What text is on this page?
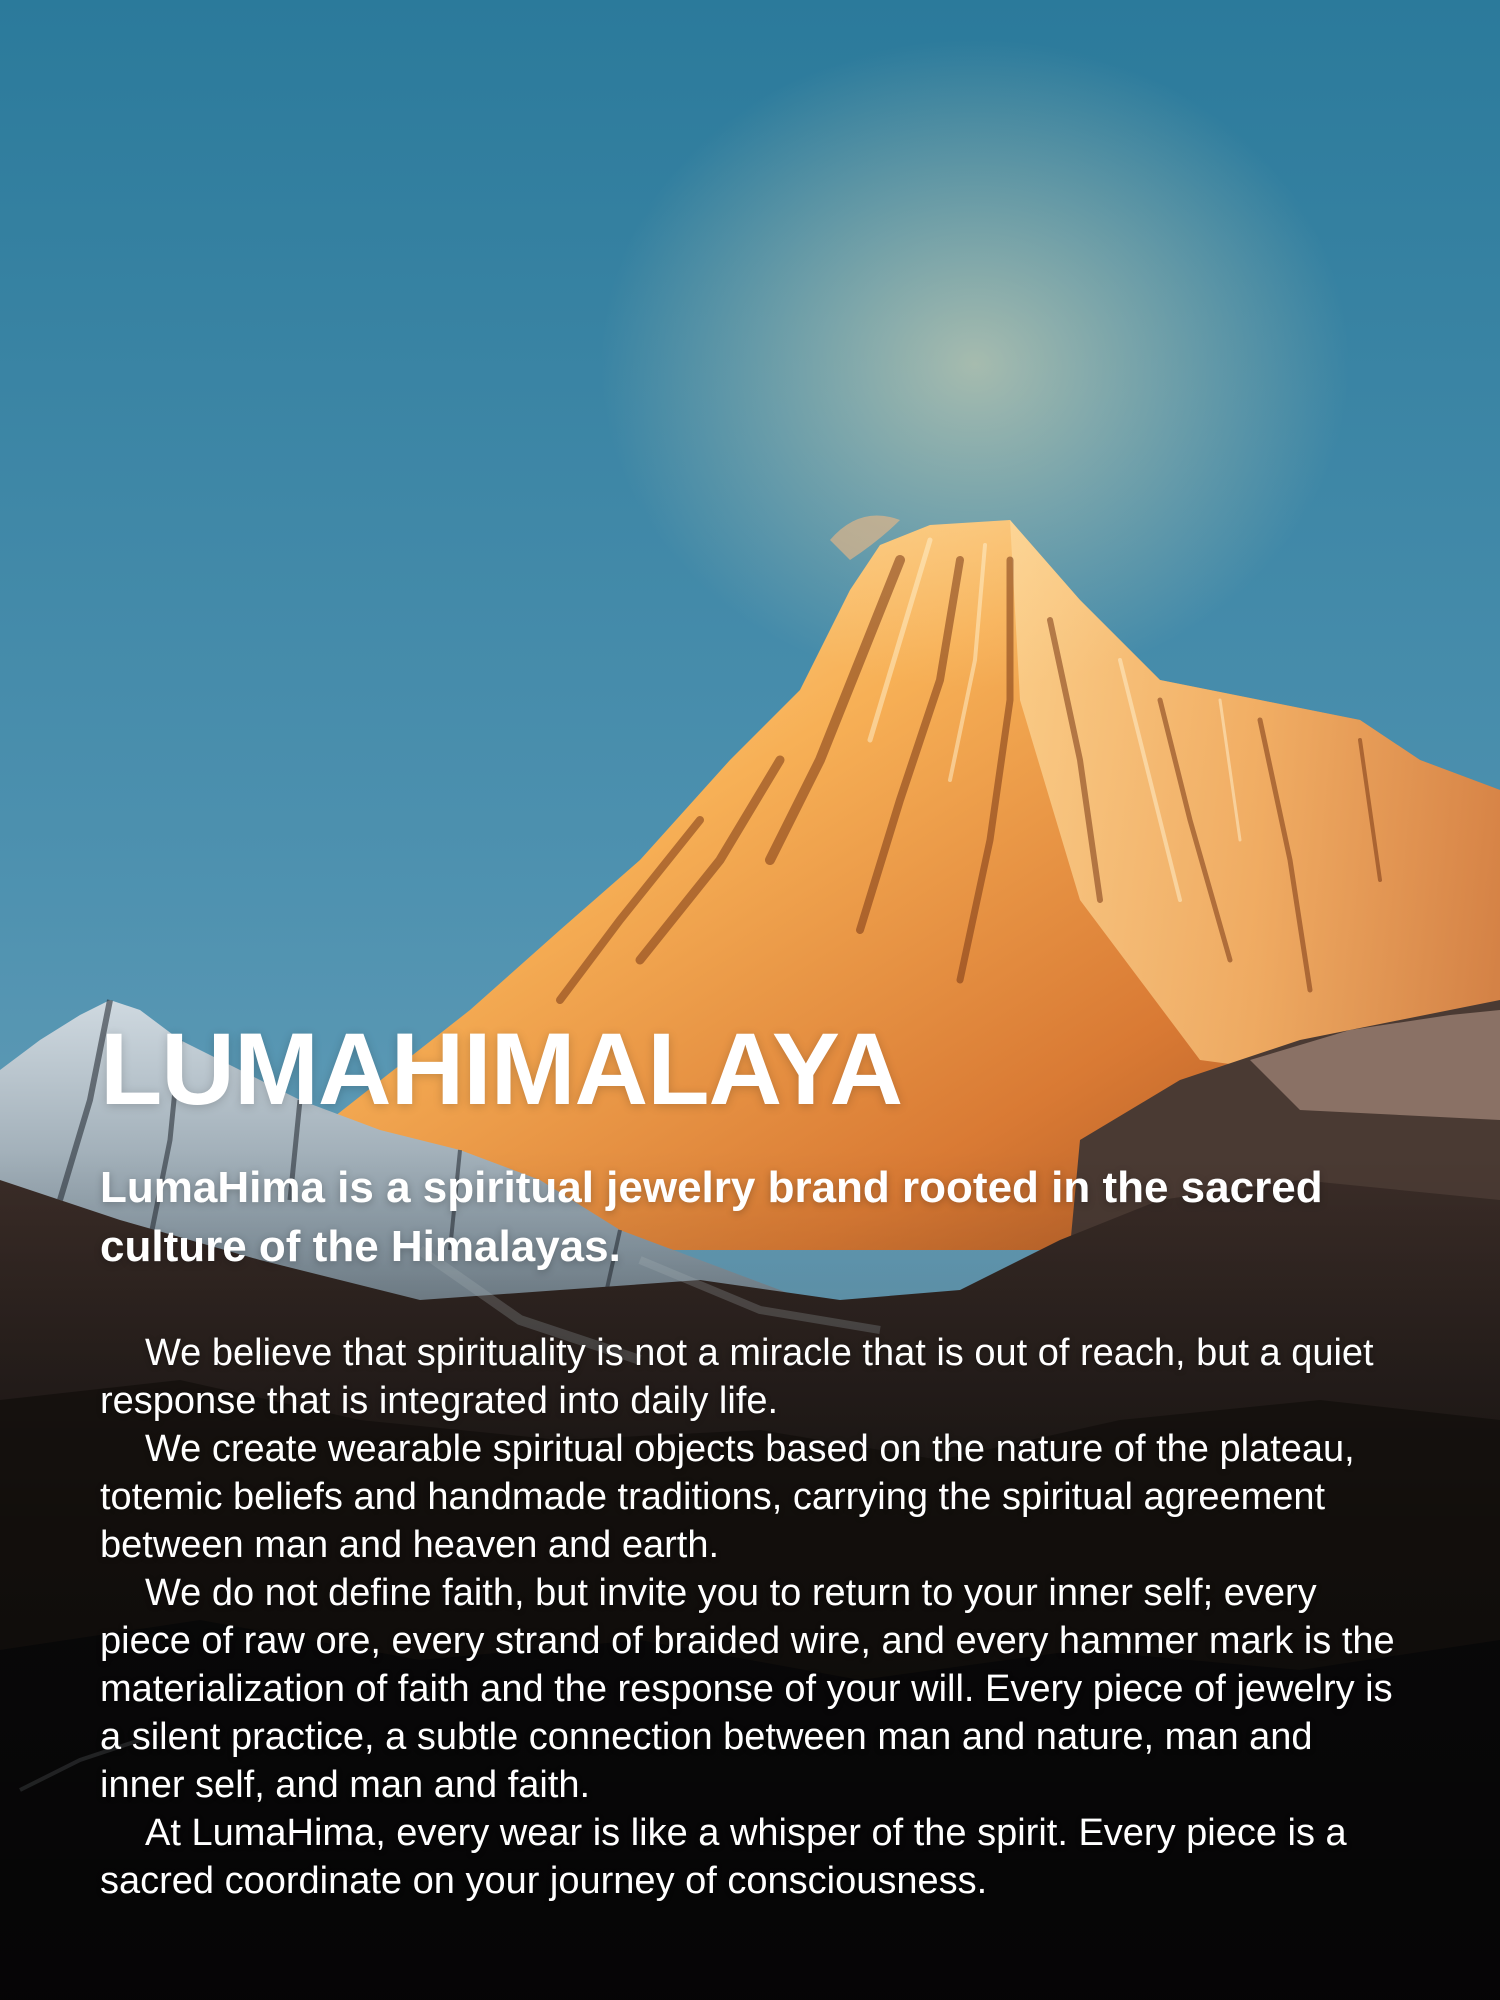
LUMAHIMALAYA

LumaHima is a spiritual jewelry brand rooted in the sacred culture of the Himalayas.

We believe that spirituality is not a miracle that is out of reach, but a quiet response that is integrated into daily life.

We create wearable spiritual objects based on the nature of the plateau, totemic beliefs and handmade traditions, carrying the spiritual agreement between man and heaven and earth.

We do not define faith, but invite you to return to your inner self; every piece of raw ore, every strand of braided wire, and every hammer mark is the materialization of faith and the response of your will. Every piece of jewelry is a silent practice, a subtle connection between man and nature, man and inner self, and man and faith.

At LumaHima, every wear is like a whisper of the spirit. Every piece is a sacred coordinate on your journey of consciousness.
